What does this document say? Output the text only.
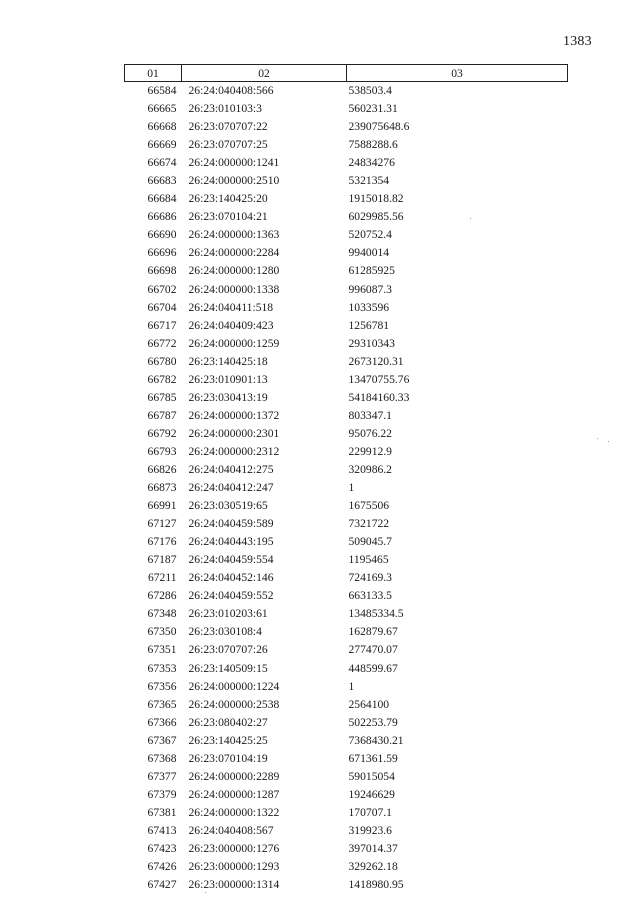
1383
01	02	03
66584	26:24:040408:566	538503.4
66665	26:23:010103:3	560231.31
66668	26:23:070707:22	239075648.6
66669	26:23:070707:25	7588288.6
66674	26:24:000000:1241	24834276
66683	26:24:000000:2510	5321354
66684	26:23:140425:20	1915018.82
66686	26:23:070104:21	6029985.56
66690	26:24:000000:1363	520752.4
66696	26:24:000000:2284	9940014
66698	26:24:000000:1280	61285925
66702	26:24:000000:1338	996087.3
66704	26:24:040411:518	1033596
66717	26:24:040409:423	1256781
66772	26:24:000000:1259	29310343
66780	26:23:140425:18	2673120.31
66782	26:23:010901:13	13470755.76
66785	26:23:030413:19	54184160.33
66787	26:24:000000:1372	803347.1
66792	26:24:000000:2301	95076.22
66793	26:24:000000:2312	229912.9
66826	26:24:040412:275	320986.2
66873	26:24:040412:247	1
66991	26:23:030519:65	1675506
67127	26:24:040459:589	7321722
67176	26:24:040443:195	509045.7
67187	26:24:040459:554	1195465
67211	26:24:040452:146	724169.3
67286	26:24:040459:552	663133.5
67348	26:23:010203:61	13485334.5
67350	26:23:030108:4	162879.67
67351	26:23:070707:26	277470.07
67353	26:23:140509:15	448599.67
67356	26:24:000000:1224	1
67365	26:24:000000:2538	2564100
67366	26:23:080402:27	502253.79
67367	26:23:140425:25	7368430.21
67368	26:23:070104:19	671361.59
67377	26:24:000000:2289	59015054
67379	26:24:000000:1287	19246629
67381	26:24:000000:1322	170707.1
67413	26:24:040408:567	319923.6
67423	26:23:000000:1276	397014.37
67426	26:23:000000:1293	329262.18
67427	26:23:000000:1314	1418980.95
